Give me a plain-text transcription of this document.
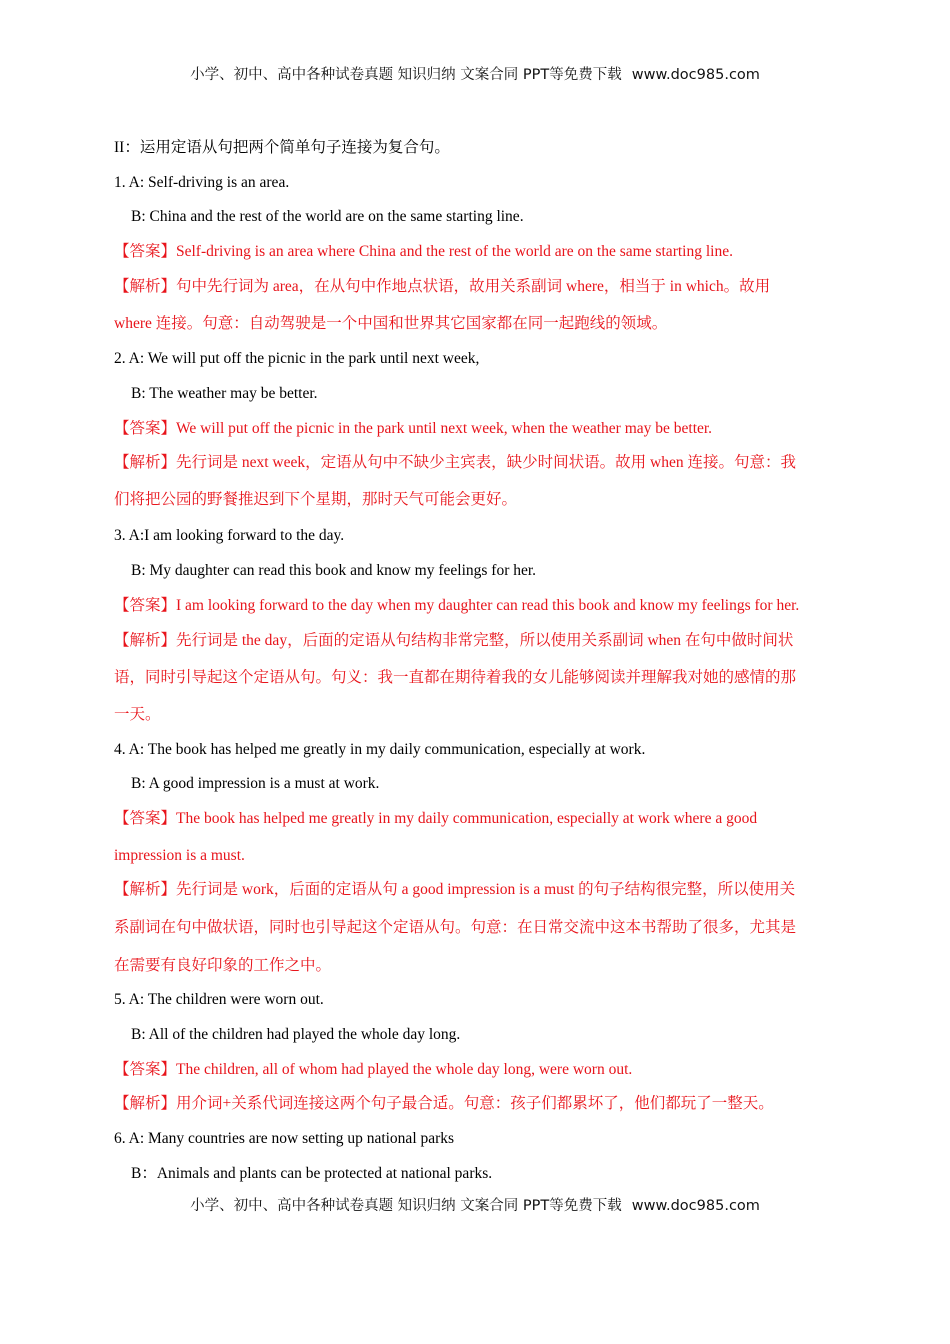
小学、初中、高中各种试卷真题 知识归纳 文案合同 PPT等免费下载 www.doc985.com
II：运用定语从句把两个简单句子连接为复合句。
1. A: Self-driving is an area.
B: China and the rest of the world are on the same starting line.
【答案】Self-driving is an area where China and the rest of the world are on the same starting line.
【解析】句中先行词为 area，在从句中作地点状语，故用关系副词 where，相当于 in which。故用
where 连接。句意：自动驾驶是一个中国和世界其它国家都在同一起跑线的领域。
2. A: We will put off the picnic in the park until next week,
B: The weather may be better.
【答案】We will put off the picnic in the park until next week, when the weather may be better.
【解析】先行词是 next week，定语从句中不缺少主宾表，缺少时间状语。故用 when 连接。句意：我
们将把公园的野餐推迟到下个星期，那时天气可能会更好。
3. A:I am looking forward to the day.
B: My daughter can read this book and know my feelings for her.
【答案】I am looking forward to the day when my daughter can read this book and know my feelings for her.
【解析】先行词是 the day，后面的定语从句结构非常完整，所以使用关系副词 when 在句中做时间状
语，同时引导起这个定语从句。句义：我一直都在期待着我的女儿能够阅读并理解我对她的感情的那
一天。
4. A: The book has helped me greatly in my daily communication, especially at work.
B: A good impression is a must at work.
【答案】The book has helped me greatly in my daily communication, especially at work where a good
impression is a must.
【解析】先行词是 work，后面的定语从句 a good impression is a must 的句子结构很完整，所以使用关
系副词在句中做状语，同时也引导起这个定语从句。句意：在日常交流中这本书帮助了很多，尤其是
在需要有良好印象的工作之中。
5. A: The children were worn out.
B: All of the children had played the whole day long.
【答案】The children, all of whom had played the whole day long, were worn out.
【解析】用介词+关系代词连接这两个句子最合适。句意：孩子们都累坏了，他们都玩了一整天。
6. A: Many countries are now setting up national parks
B：Animals and plants can be protected at national parks.
小学、初中、高中各种试卷真题 知识归纳 文案合同 PPT等免费下载 www.doc985.com
